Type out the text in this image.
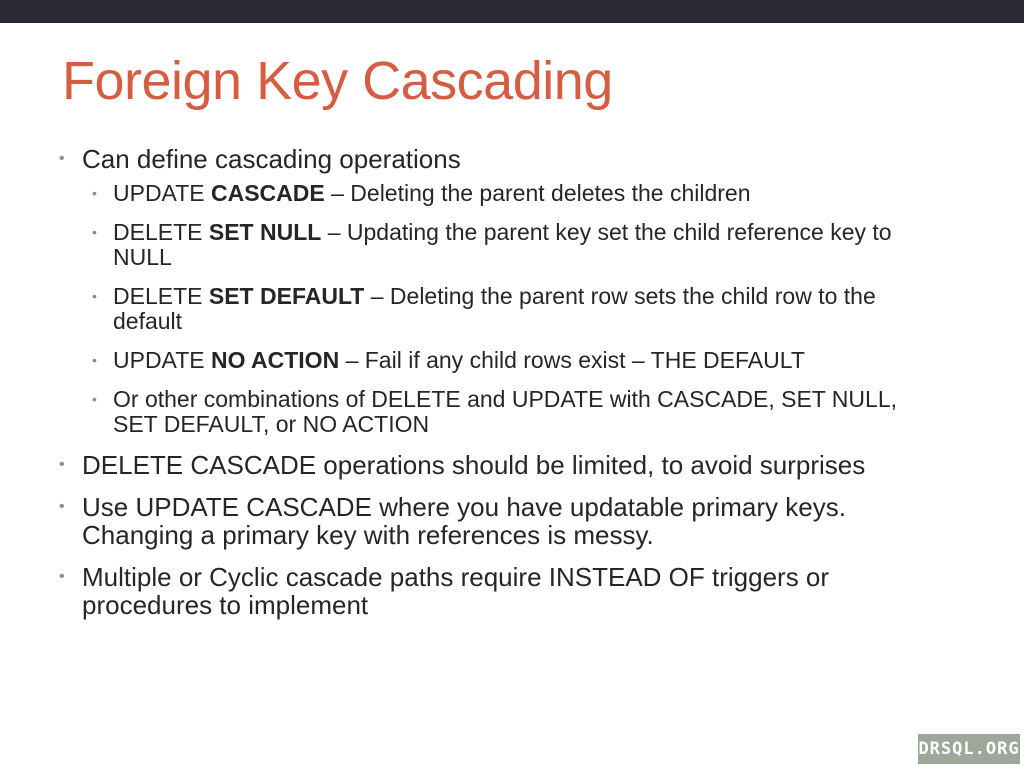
Foreign Key Cascading
• Can define cascading operations
• UPDATE CASCADE – Deleting the parent deletes the children
• DELETE SET NULL – Updating the parent key set the child reference key to NULL
• DELETE SET DEFAULT – Deleting the parent row sets the child row to the default
• UPDATE NO ACTION – Fail if any child rows exist – THE DEFAULT
• Or other combinations of DELETE and UPDATE with CASCADE, SET NULL, SET DEFAULT, or NO ACTION
• DELETE CASCADE operations should be limited, to avoid surprises
• Use UPDATE CASCADE where you have updatable primary keys. Changing a primary key with references is messy.
• Multiple or Cyclic cascade paths require INSTEAD OF triggers or procedures to implement
DRSQL.ORG
